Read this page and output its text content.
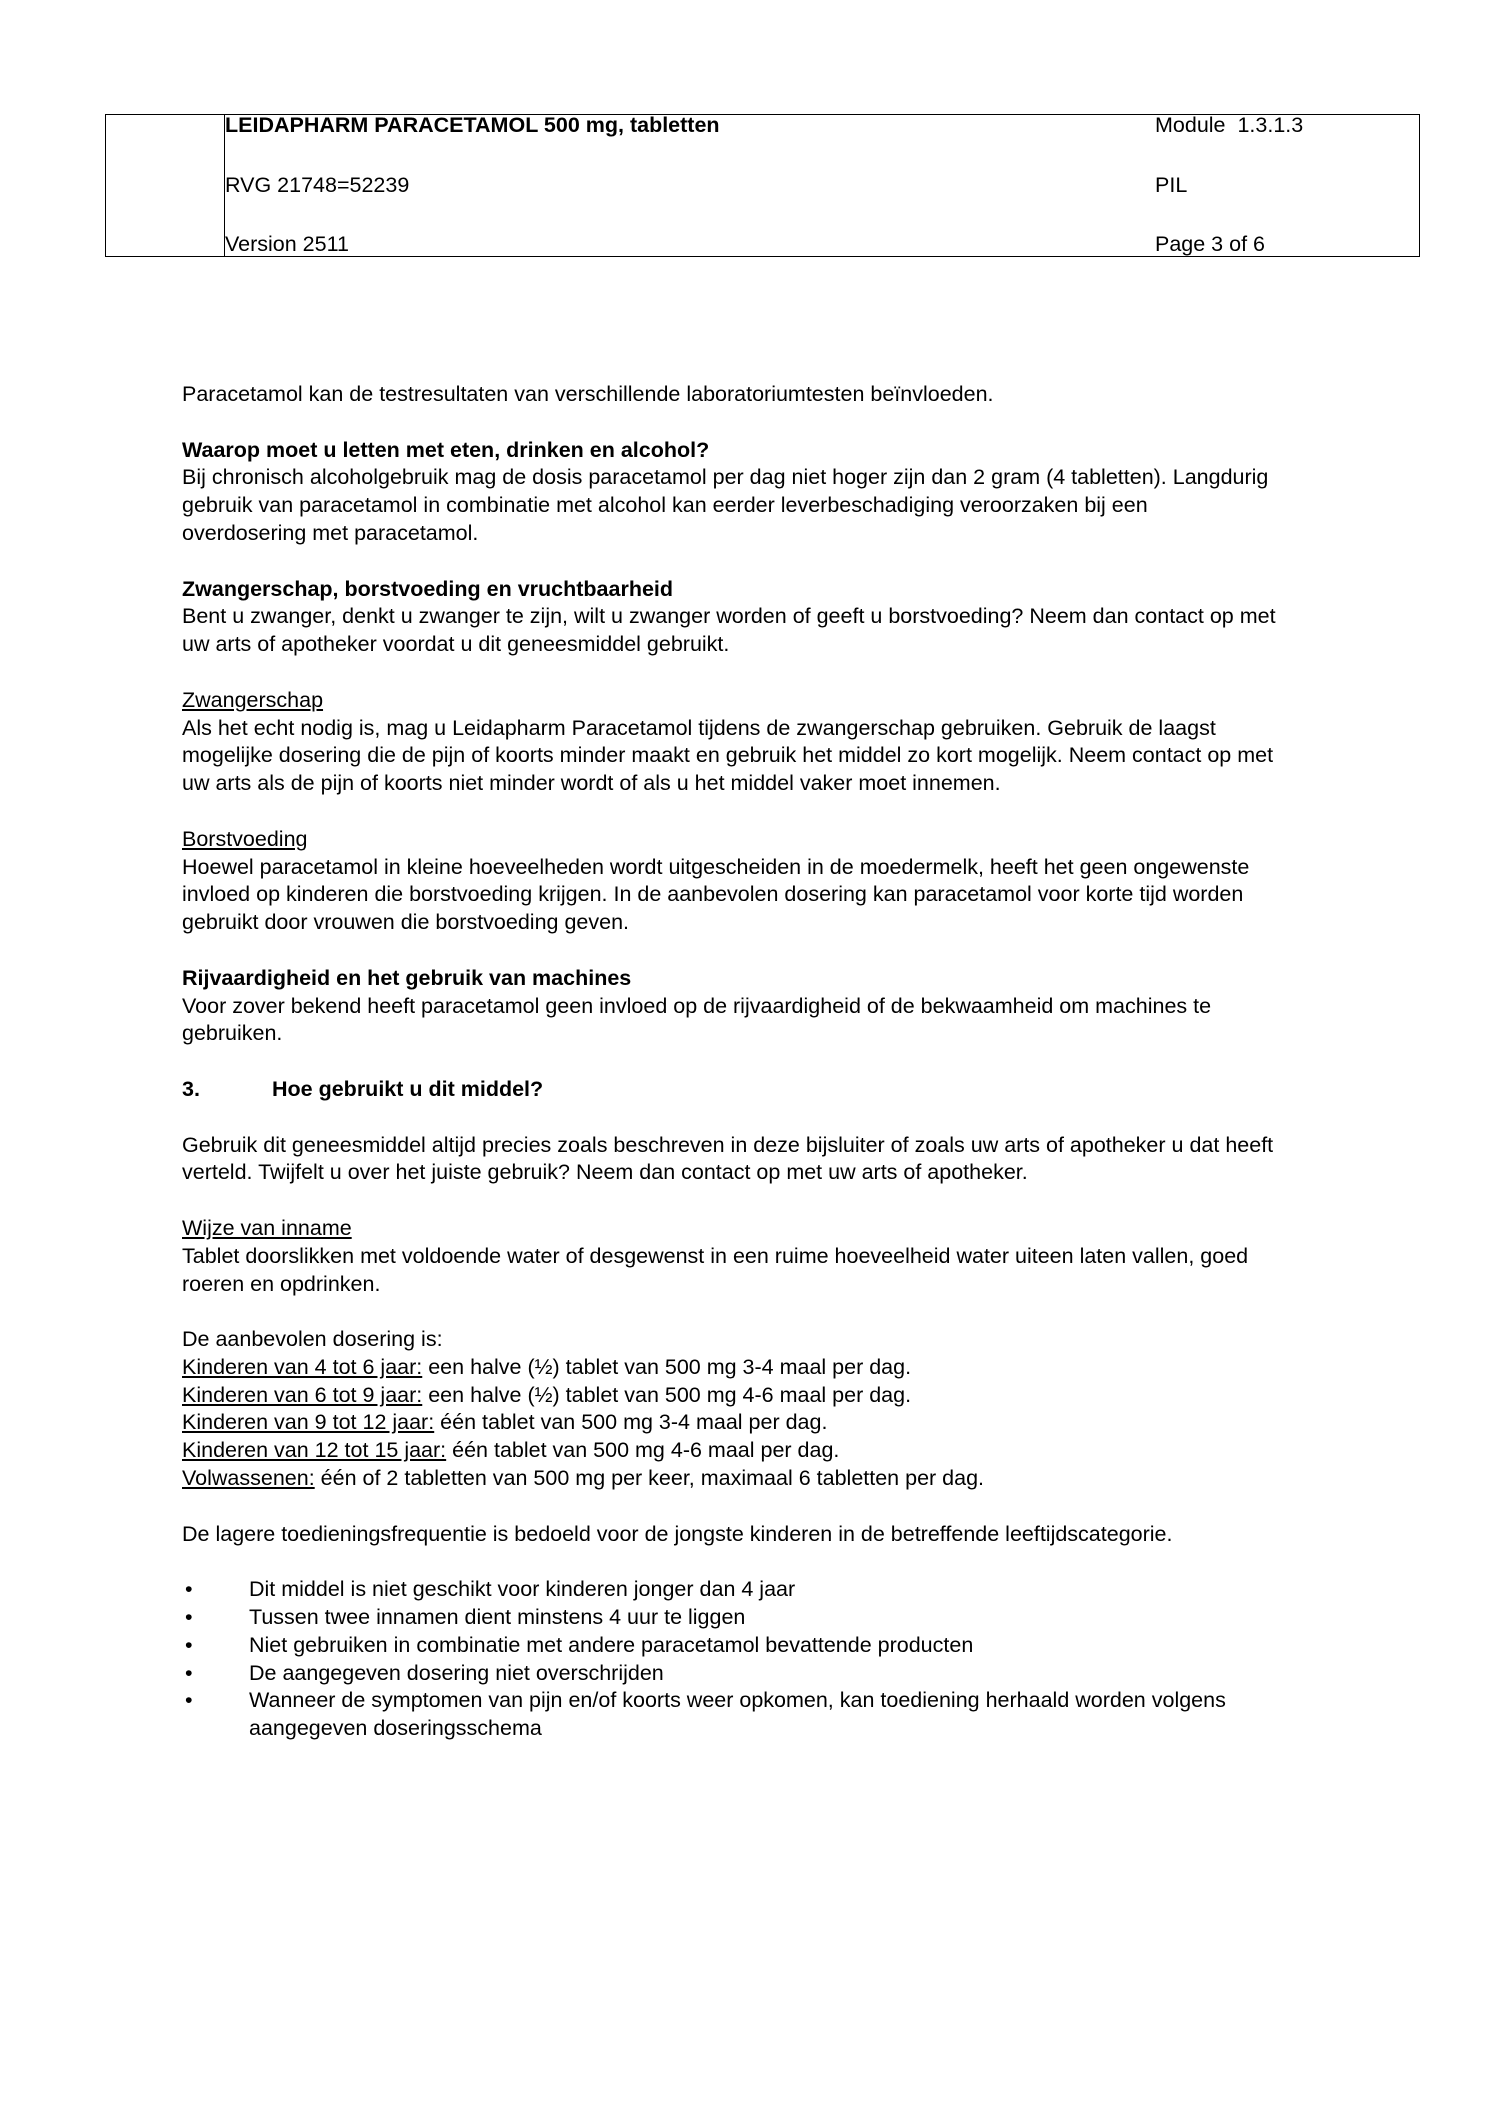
LEIDAPHARM PARACETAMOL 500 mg, tabletten	Module  1.3.1.3
RVG 21748=52239	PIL
Version 2511	Page 3 of 6

Paracetamol kan de testresultaten van verschillende laboratoriumtesten beïnvloeden.

Waarop moet u letten met eten, drinken en alcohol?

Bij chronisch alcoholgebruik mag de dosis paracetamol per dag niet hoger zijn dan 2 gram (4 tabletten). Langdurig gebruik van paracetamol in combinatie met alcohol kan eerder leverbeschadiging veroorzaken bij een overdosering met paracetamol.

Zwangerschap, borstvoeding en vruchtbaarheid

Bent u zwanger, denkt u zwanger te zijn, wilt u zwanger worden of geeft u borstvoeding? Neem dan contact op met uw arts of apotheker voordat u dit geneesmiddel gebruikt.

Zwangerschap

Als het echt nodig is, mag u Leidapharm Paracetamol tijdens de zwangerschap gebruiken. Gebruik de laagst mogelijke dosering die de pijn of koorts minder maakt en gebruik het middel zo kort mogelijk. Neem contact op met uw arts als de pijn of koorts niet minder wordt of als u het middel vaker moet innemen.

Borstvoeding

Hoewel paracetamol in kleine hoeveelheden wordt uitgescheiden in de moedermelk, heeft het geen ongewenste invloed op kinderen die borstvoeding krijgen. In de aanbevolen dosering kan paracetamol voor korte tijd worden gebruikt door vrouwen die borstvoeding geven.

Rijvaardigheid en het gebruik van machines

Voor zover bekend heeft paracetamol geen invloed op de rijvaardigheid of de bekwaamheid om machines te gebruiken.

3.	Hoe gebruikt u dit middel?

Gebruik dit geneesmiddel altijd precies zoals beschreven in deze bijsluiter of zoals uw arts of apotheker u dat heeft verteld. Twijfelt u over het juiste gebruik? Neem dan contact op met uw arts of apotheker.

Wijze van inname

Tablet doorslikken met voldoende water of desgewenst in een ruime hoeveelheid water uiteen laten vallen, goed roeren en opdrinken.

De aanbevolen dosering is:

Kinderen van 4 tot 6 jaar: een halve (½) tablet van 500 mg 3-4 maal per dag.

Kinderen van 6 tot 9 jaar: een halve (½) tablet van 500 mg 4-6 maal per dag.

Kinderen van 9 tot 12 jaar: één tablet van 500 mg 3-4 maal per dag.

Kinderen van 12 tot 15 jaar: één tablet van 500 mg 4-6 maal per dag.

Volwassenen: één of 2 tabletten van 500 mg per keer, maximaal 6 tabletten per dag.

De lagere toedieningsfrequentie is bedoeld voor de jongste kinderen in de betreffende leeftijdscategorie.

•	Dit middel is niet geschikt voor kinderen jonger dan 4 jaar
•	Tussen twee innamen dient minstens 4 uur te liggen
•	Niet gebruiken in combinatie met andere paracetamol bevattende producten
•	De aangegeven dosering niet overschrijden
•	Wanneer de symptomen van pijn en/of koorts weer opkomen, kan toediening herhaald worden volgens aangegeven doseringsschema
